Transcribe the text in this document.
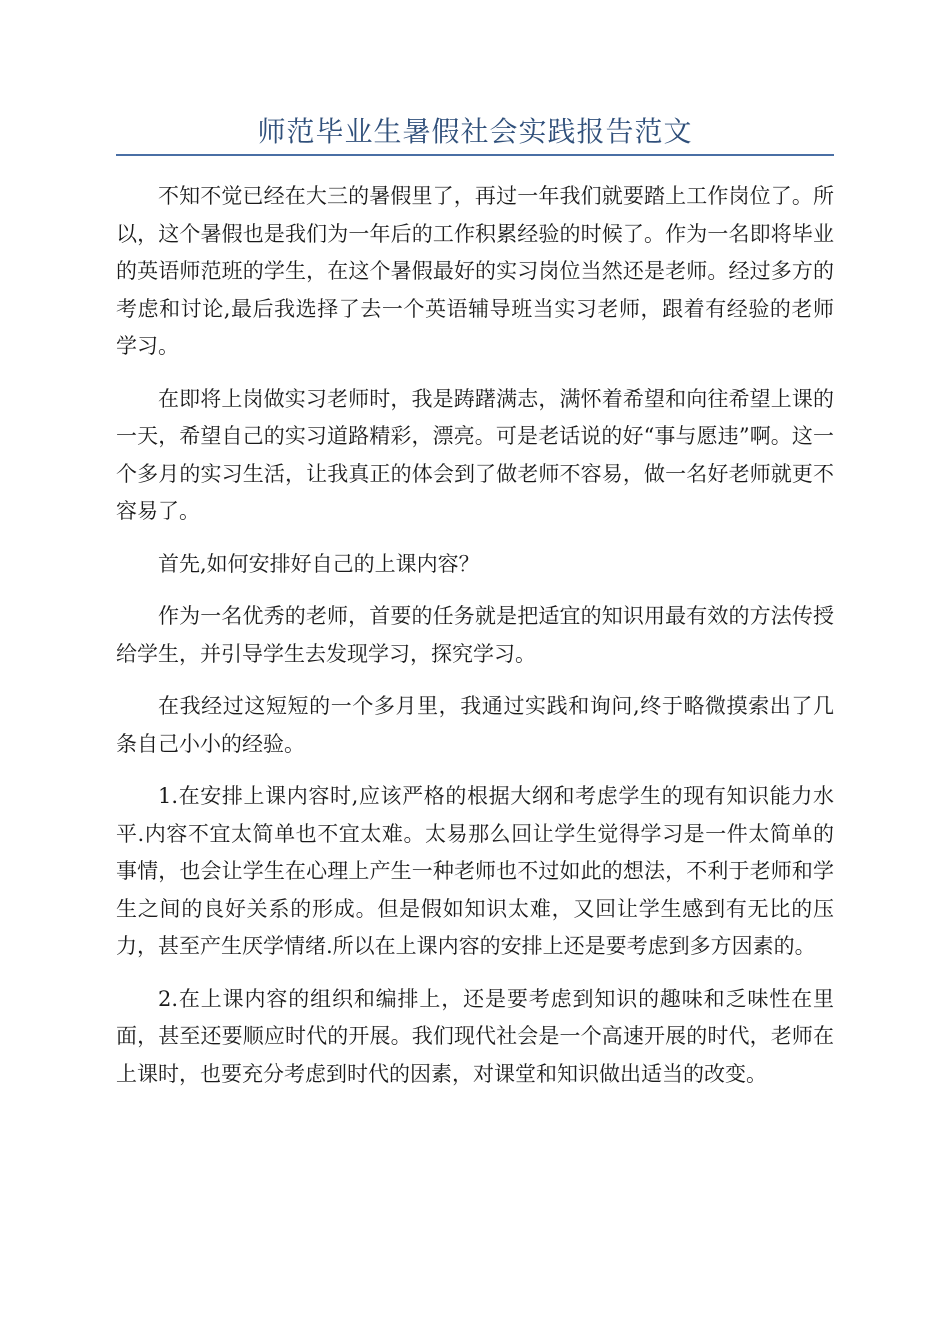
师范毕业生暑假社会实践报告范文

不知不觉已经在大三的暑假里了，再过一年我们就要踏上工作岗位了。所以，这个暑假也是我们为一年后的工作积累经验的时候了。作为一名即将毕业的英语师范班的学生，在这个暑假最好的实习岗位当然还是老师。经过多方的考虑和讨论,最后我选择了去一个英语辅导班当实习老师，跟着有经验的老师学习。

在即将上岗做实习老师时，我是踌躇满志，满怀着希望和向往希望上课的一天，希望自己的实习道路精彩，漂亮。可是老话说的好“事与愿违”啊。这一个多月的实习生活，让我真正的体会到了做老师不容易，做一名好老师就更不容易了。

首先,如何安排好自己的上课内容？

作为一名优秀的老师，首要的任务就是把适宜的知识用最有效的方法传授给学生，并引导学生去发现学习，探究学习。

在我经过这短短的一个多月里，我通过实践和询问,终于略微摸索出了几条自己小小的经验。

1.在安排上课内容时,应该严格的根据大纲和考虑学生的现有知识能力水平.内容不宜太简单也不宜太难。太易那么回让学生觉得学习是一件太简单的事情，也会让学生在心理上产生一种老师也不过如此的想法，不利于老师和学生之间的良好关系的形成。但是假如知识太难，又回让学生感到有无比的压力，甚至产生厌学情绪.所以在上课内容的安排上还是要考虑到多方因素的。

2.在上课内容的组织和编排上，还是要考虑到知识的趣味和乏味性在里面，甚至还要顺应时代的开展。我们现代社会是一个高速开展的时代，老师在上课时，也要充分考虑到时代的因素，对课堂和知识做出适当的改变。
